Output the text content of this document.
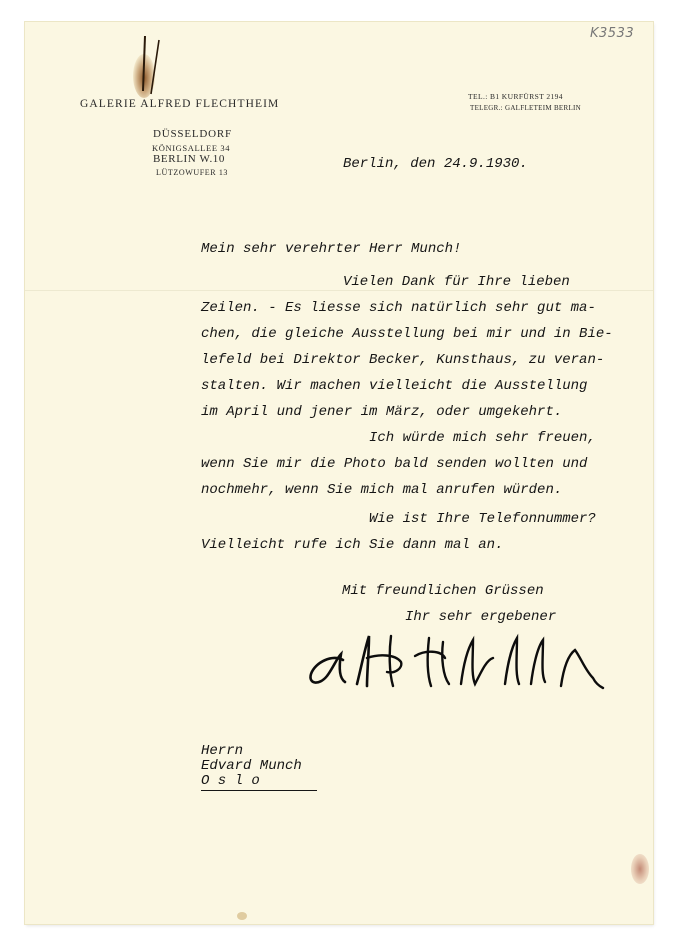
K3533
GALERIE ALFRED FLECHTHEIM
DÜSSELDORF
KÖNIGSALLEE 34
BERLIN W.10
LÜTZOWUFER 13
TEL.: B1 KURFÜRST 2194
TELEGR.: GALFLETEIM BERLIN
Berlin, den 24.9.1930.
Mein sehr verehrter Herr Munch!
Vielen Dank für Ihre lieben
Zeilen. - Es liesse sich natürlich sehr gut ma-
chen, die gleiche Ausstellung bei mir und in Bie-
lefeld bei Direktor Becker, Kunsthaus, zu veran-
stalten. Wir machen vielleicht die Ausstellung
im April und jener im März, oder umgekehrt.
Ich würde mich sehr freuen,
wenn Sie mir die Photo bald senden wollten und
nochmehr, wenn Sie mich mal anrufen würden.
Wie ist Ihre Telefonnummer?
Vielleicht rufe ich Sie dann mal an.
Mit freundlichen Grüssen
Ihr sehr ergebener
Herrn
Edvard Munch
O s l o
